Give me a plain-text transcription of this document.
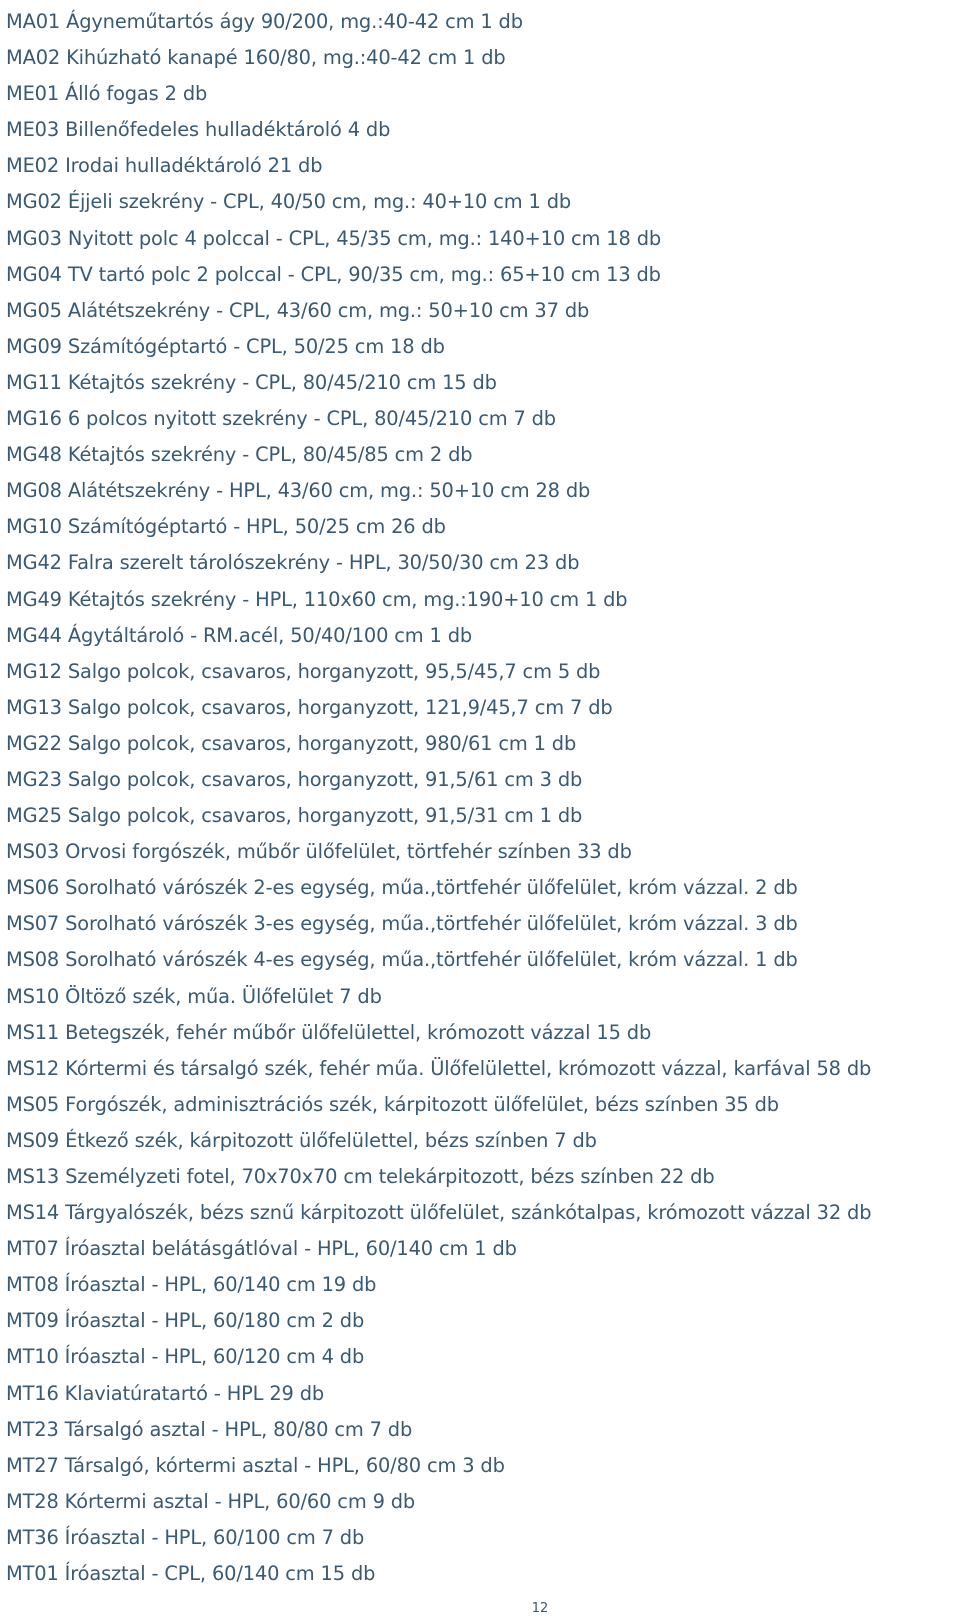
MA01 Ágyneműtartós ágy 90/200, mg.:40-42 cm 1 db
MA02 Kihúzható kanapé 160/80, mg.:40-42 cm 1 db
ME01 Álló fogas 2 db
ME03 Billenőfedeles hulladéktároló 4 db
ME02 Irodai hulladéktároló 21 db
MG02 Éjjeli szekrény - CPL, 40/50 cm, mg.: 40+10 cm 1 db
MG03 Nyitott polc 4 polccal - CPL, 45/35 cm, mg.: 140+10 cm 18 db
MG04 TV tartó polc 2 polccal - CPL, 90/35 cm, mg.: 65+10 cm 13 db
MG05 Alátétszekrény - CPL, 43/60 cm, mg.: 50+10 cm 37 db
MG09 Számítógéptartó - CPL, 50/25 cm 18 db
MG11 Kétajtós szekrény - CPL, 80/45/210 cm 15 db
MG16 6 polcos nyitott szekrény - CPL, 80/45/210 cm 7 db
MG48 Kétajtós szekrény - CPL, 80/45/85 cm 2 db
MG08 Alátétszekrény - HPL, 43/60 cm, mg.: 50+10 cm 28 db
MG10 Számítógéptartó - HPL, 50/25 cm 26 db
MG42 Falra szerelt tárolószekrény - HPL, 30/50/30 cm 23 db
MG49 Kétajtós szekrény - HPL, 110x60 cm, mg.:190+10 cm 1 db
MG44 Ágytáltároló - RM.acél, 50/40/100 cm 1 db
MG12 Salgo polcok, csavaros, horganyzott, 95,5/45,7 cm 5 db
MG13 Salgo polcok, csavaros, horganyzott, 121,9/45,7 cm 7 db
MG22 Salgo polcok, csavaros, horganyzott, 980/61 cm 1 db
MG23 Salgo polcok, csavaros, horganyzott, 91,5/61 cm 3 db
MG25 Salgo polcok, csavaros, horganyzott, 91,5/31 cm 1 db
MS03 Orvosi forgószék, műbőr ülőfelület, törtfehér színben 33 db
MS06 Sorolható várószék 2-es egység, műa.,törtfehér ülőfelület, króm vázzal. 2 db
MS07 Sorolható várószék 3-es egység, műa.,törtfehér ülőfelület, króm vázzal. 3 db
MS08 Sorolható várószék 4-es egység, műa.,törtfehér ülőfelület, króm vázzal. 1 db
MS10 Öltöző szék, műa. Ülőfelület 7 db
MS11 Betegszék, fehér műbőr ülőfelülettel, krómozott vázzal 15 db
MS12 Kórtermi és társalgó szék, fehér műa. Ülőfelülettel, krómozott vázzal, karfával 58 db
MS05 Forgószék, adminisztrációs szék, kárpitozott ülőfelület, bézs színben 35 db
MS09 Étkező szék, kárpitozott ülőfelülettel, bézs színben 7 db
MS13 Személyzeti fotel, 70x70x70 cm telekárpitozott, bézs színben 22 db
MS14 Tárgyalószék, bézs sznű kárpitozott ülőfelület, szánkótalpas, krómozott vázzal 32 db
MT07 Íróasztal belátásgátlóval - HPL, 60/140 cm 1 db
MT08 Íróasztal - HPL, 60/140 cm 19 db
MT09 Íróasztal - HPL, 60/180 cm 2 db
MT10 Íróasztal - HPL, 60/120 cm 4 db
MT16 Klaviatúratartó - HPL 29 db
MT23 Társalgó asztal - HPL, 80/80 cm 7 db
MT27 Társalgó, kórtermi asztal - HPL, 60/80 cm 3 db
MT28 Kórtermi asztal - HPL, 60/60 cm 9 db
MT36 Íróasztal - HPL, 60/100 cm 7 db
MT01 Íróasztal - CPL, 60/140 cm 15 db
12
